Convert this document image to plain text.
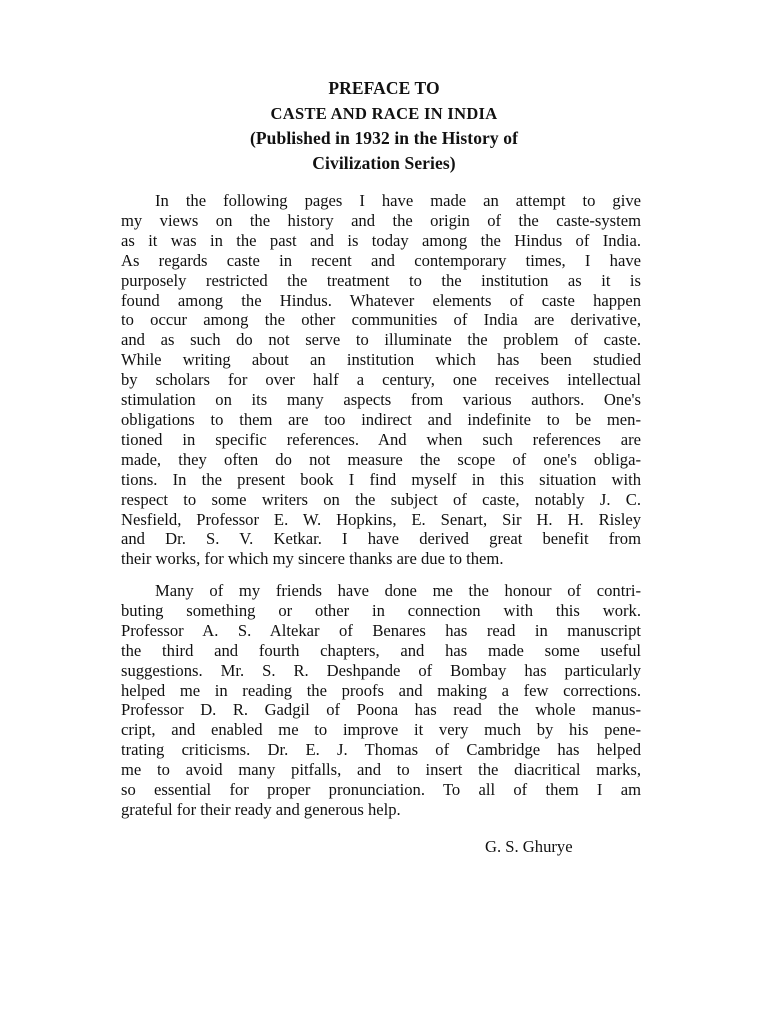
PREFACE TO
CASTE AND RACE IN INDIA
(Published in 1932 in the History of
Civilization Series)
In the following pages I have made an attempt to give
my views on the history and the origin of the caste-system
as it was in the past and is today among the Hindus of India.
As regards caste in recent and contemporary times, I have
purposely restricted the treatment to the institution as it is
found among the Hindus. Whatever elements of caste happen
to occur among the other communities of India are derivative,
and as such do not serve to illuminate the problem of caste.
While writing about an institution which has been studied
by scholars for over half a century, one receives intellectual
stimulation on its many aspects from various authors. One's
obligations to them are too indirect and indefinite to be men-
tioned in specific references. And when such references are
made, they often do not measure the scope of one's obliga-
tions. In the present book I find myself in this situation with
respect to some writers on the subject of caste, notably J. C.
Nesfield, Professor E. W. Hopkins, E. Senart, Sir H. H. Risley
and Dr. S. V. Ketkar. I have derived great benefit from
their works, for which my sincere thanks are due to them.
Many of my friends have done me the honour of contri-
buting something or other in connection with this work.
Professor A. S. Altekar of Benares has read in manuscript
the third and fourth chapters, and has made some useful
suggestions. Mr. S. R. Deshpande of Bombay has particularly
helped me in reading the proofs and making a few corrections.
Professor D. R. Gadgil of Poona has read the whole manus-
cript, and enabled me to improve it very much by his pene-
trating criticisms. Dr. E. J. Thomas of Cambridge has helped
me to avoid many pitfalls, and to insert the diacritical marks,
so essential for proper pronunciation. To all of them I am
grateful for their ready and generous help.
G. S. Ghurye
